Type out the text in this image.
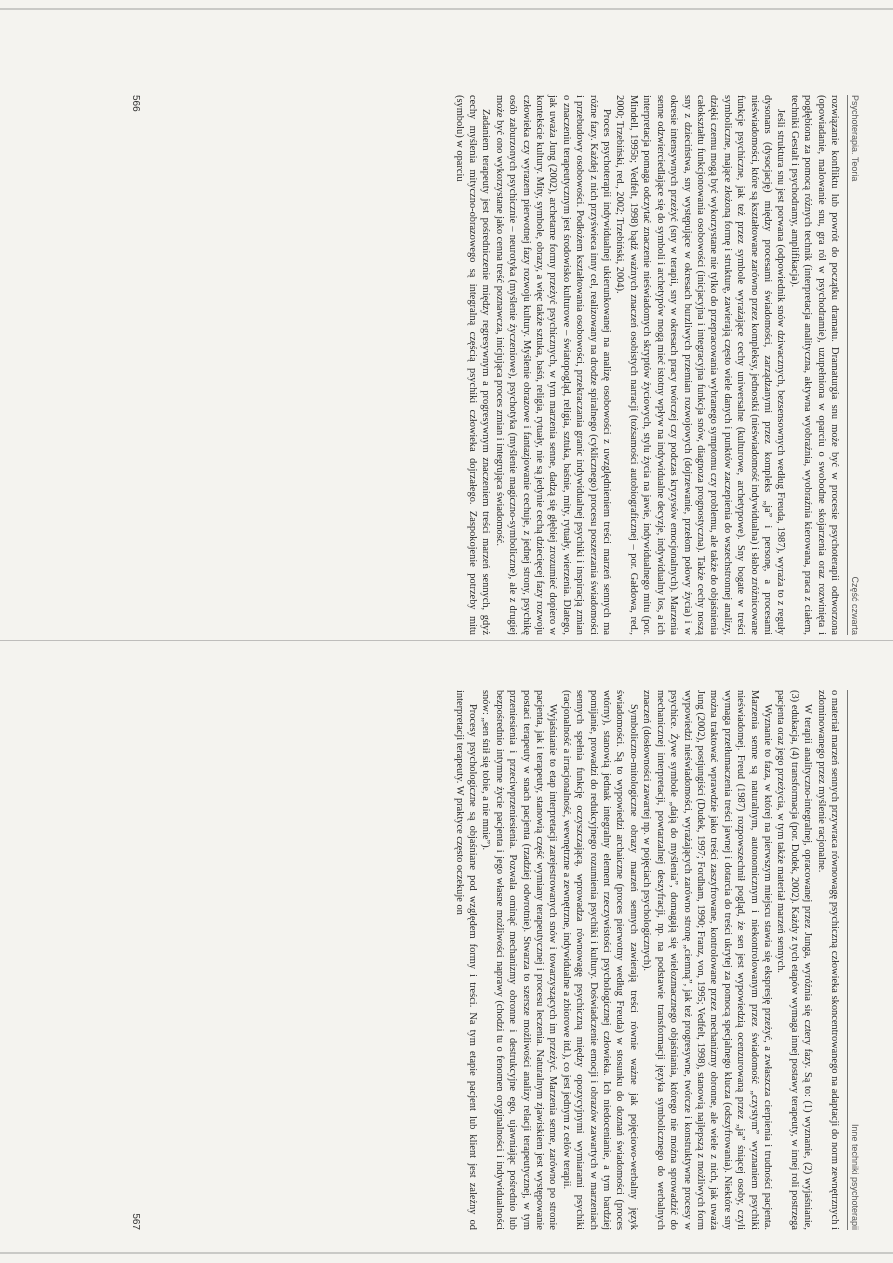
Psychoterapia. Teoria
Część czwarta

rozwiązanie konfliktu lub powrót do początku dramatu. Dramaturgia snu może być w procesie psychoterapii odtworzona (opowiadanie, malowanie snu, gra ról w psychodramie), uzupełniona w oparciu o swobodne skojarzenia oraz rozwinięta i pogłębiona za pomocą różnych technik (interpretacja analityczna, aktywna wyobraźnia, wyobraźnia kierowana, praca z ciałem, techniki Gestalt i psychodramy, amplifikacja).

Jeśli struktura snu jest porwana (odpowiednik snów dziwacznych, bezsensownych według Freuda, 1987), wyraża to z reguły dysonans (dysocjację) między procesami świadomości, zarządzanymi przez kompleks „ja” i personę, a procesami nieświadomości, które są kształtowane zarówno przez kompleksy, jednostki (nieświadomość indywidualna) i słabo zróżnicowane funkcje psychiczne, jak też przez symbole wyrażające cechy uniwersalne (kulturowe, archetypowe). Sny bogate w treści symboliczne, mające złożoną formę i strukturę, zawierają często wiele danych i punktów zaczepienia do wszechstronnej analizy, dzięki czemu mogą być wykorzystane nie tylko do przepracowania wybranego symptomu czy problemu, ale także do objaśnienia całokształtu funkcjonowania osobowości (inicjacyjna i integracyjna funkcja snów, diagnoza prognostyczna). Także cechy noszą sny z dzieciństwa, sny występujące w okresach burzliwych przemian rozwojowych (dojrzewanie, przełom połowy życia) i w okresie intensywnych przeżyć (sny w terapii, sny w okresach pracy twórczej czy podczas kryzysów emocjonalnych). Marzenia senne odzwierciedlające się do symboli i archetypów mogą mieć istotny wpływ na indywidualne decyzje, indywidualny los, a ich interpretacja pomaga odczytać znaczenie nieświadomych skryptów życiowych, stylu życia na jawie, indywidualnego mitu (por. Mindell, 1995b; Vedfelt, 1998) bądź ważnych znaczeń osobistych narracji (tożsamości autobiograficznej – por. Gałdowa, red., 2000; Trzebiński, red., 2002; Trzebiński, 2004).

Proces psychoterapii indywidualnej ukierunkowanej na analizę osobowości z uwzględnieniem treści marzeń sennych ma różne fazy. Każdej z nich przyświeca inny cel, realizowany na drodze spiralnego (cyklicznego) procesu poszerzania świadomości i przebudowy osobowości. Podłożem kształtowania osobowości, przekraczania granic indywidualnej psychiki i inspiracją zmian o znaczeniu terapeutycznym jest środowisko kulturowe – światopogląd, religia, sztuka, baśnie, mity, rytuały, wierzenia. Dlatego, jak uważa Jung (2002), archetame formy przeżyć psychicznych, w tym marzenia senne, dadzą się głębiej zrozumieć dopiero w kontekście kultury. Mity, symbole, obrazy, a więc także sztuka, baśń, religia, rytuały, nie są jedynie cechą dziecięcej fazy rozwoju człowieka czy wyrazem pierwotnej fazy rozwoju kultury. Myślenie obrazowe i fantazjowanie cechuje, z jednej strony, psychikę osób zaburzonych psychicznie – neurotyka (myślenie życzeniowe), psychotyka (myślenie magiczno-symboliczne), ale z drugiej może być ono wykorzystane jako cenna treść poznawcza, inicjująca proces zmian i integrująca świadomość.

Zadaniem terapeuty jest pośredniczenie między regresywnym a progresywnym znaczeniem treści marzeń sennych, gdyż cechy myślenia mityczno-obrazowego są integralną częścią psychiki człowieka dojrzałego. Zaspokojenie potrzeby mitu (symbolu) w oparciu

566
Inne techniki psychoterapii

o materiał marzeń sennych przywraca równowagę psychiczną człowieka skoncentrowanego na adaptacji do norm zewnętrznych i zdominowanego przez myślenie racjonalne.

W terapii analityczno-integralnej, opracowanej przez Junga, wyróżnia się cztery fazy. Są to: (1) wyznanie, (2) wyjaśnianie, (3) edukacja, (4) transformacja (por. Dudek, 2002). Każdy z tych etapów wymaga innej postawy terapeuty, w innej roli postrzega pacjenta oraz jego przeżycia, w tym także materiał marzeń sennych.

Wyznanie to faza, w której na pierwszym miejscu stawia się ekspresję przeżyć, a zwłaszcza cierpienia i trudności pacjenta. Marzenia senne są naturalnym, autonomicznym i niekontrolowanym przez świadomość „czystym” wyznaniem psychiki nieświadomej. Freud (1987) rozpowszechnił pogląd, że sen jest wypowiedzią ocenzurowaną przez „ja” śniącej osoby, czyli wymaga przetłumaczenia treści jawnej i dotarcia do treści ukrytej za pomocą specjalnego klucza (odszyfrowania). Niektóre sny można traktować wprawdzie jako treści zaszyfrowane, kontrolowane przez mechanizmy obronne, ale wiele z nich, jak uważa Jung (2002), postjungiści (Dudek, 1997; Fordham, 1990; Franz, von, 1995; Vedfelt, 1998), stanowią najlepszą z możliwych form wypowiedzi nieświadomości, wyrażających zarówno stronę „ciemną”, jak też progresywne, twórcze i konstruktywne procesy w psychice. Żywe symbole „dają do myślenia”, domagają się wielozmacznego objaśniania, którego nie można sprowadzić do mechanicznej interpretacji, powtarzalnej deszyfracji, np. na podstawie transformacji języka symbolicznego do werbalnych znaczeń (dosłowności zawartej np. w pojęciach psychologicznych).

Symboliczno-mitologiczne obrazy marzeń sennych zawierają treści równie ważne jak pojęciowo-werbalny język świadomości. Są to wypowiedzi archaiczne (proces pierwotny według Freuda) w stosunku do doznań świadomości (proces wtórny), stanowią jednak integralny element rzeczywistości psychologicznej człowieka. Ich niedocenianie, a tym bardziej pomijanie, prowadzi do redukcyjnego rozumienia psychiki i kultury. Doświadczenie emocji i obrazów zawartych w marzeniach sennych spełnia funkcję oczyszczającą, wprowadza równowagę psychiczną między opozycyjnymi wymiarami psychiki (racjonalność a irracjonalność, wewnętrzne a zewnętrzne, indywidualne a zbiorowe itd.), co jest jednym z celów terapii.

Wyjaśnianie to etap interpretacji zarejestrowanych snów i towarzyszących im przeżyć. Marzenia senne, zarówno po stronie pacjenta, jak i terapeuty, stanowią część wymiany terapeutycznej i procesu leczenia. Naturalnym zjawiskiem jest występowanie postaci terapeuty w snach pacjenta (rzadziej odwrotnie). Stwarza to szersze możliwości analizy relacji terapeutycznej, w tym przeniesienia i przeciwprzeniesienia. Pozwala ominąć mechanizmy obronne i destrukcyjne ego, ujawniając pośrednio lub bezpośrednio intymne życie pacjenta i jego własne możliwości naprawy (chodzi tu o fenomen oryginalności i indywidualności snów: „sen śnił się tobie, a nie mnie”).

Procesy psychologiczne są objaśniane pod względem formy i treści. Na tym etapie pacjent lub klient jest zależny od interpretacji terapeuty. W praktyce często oczekuje on

567
